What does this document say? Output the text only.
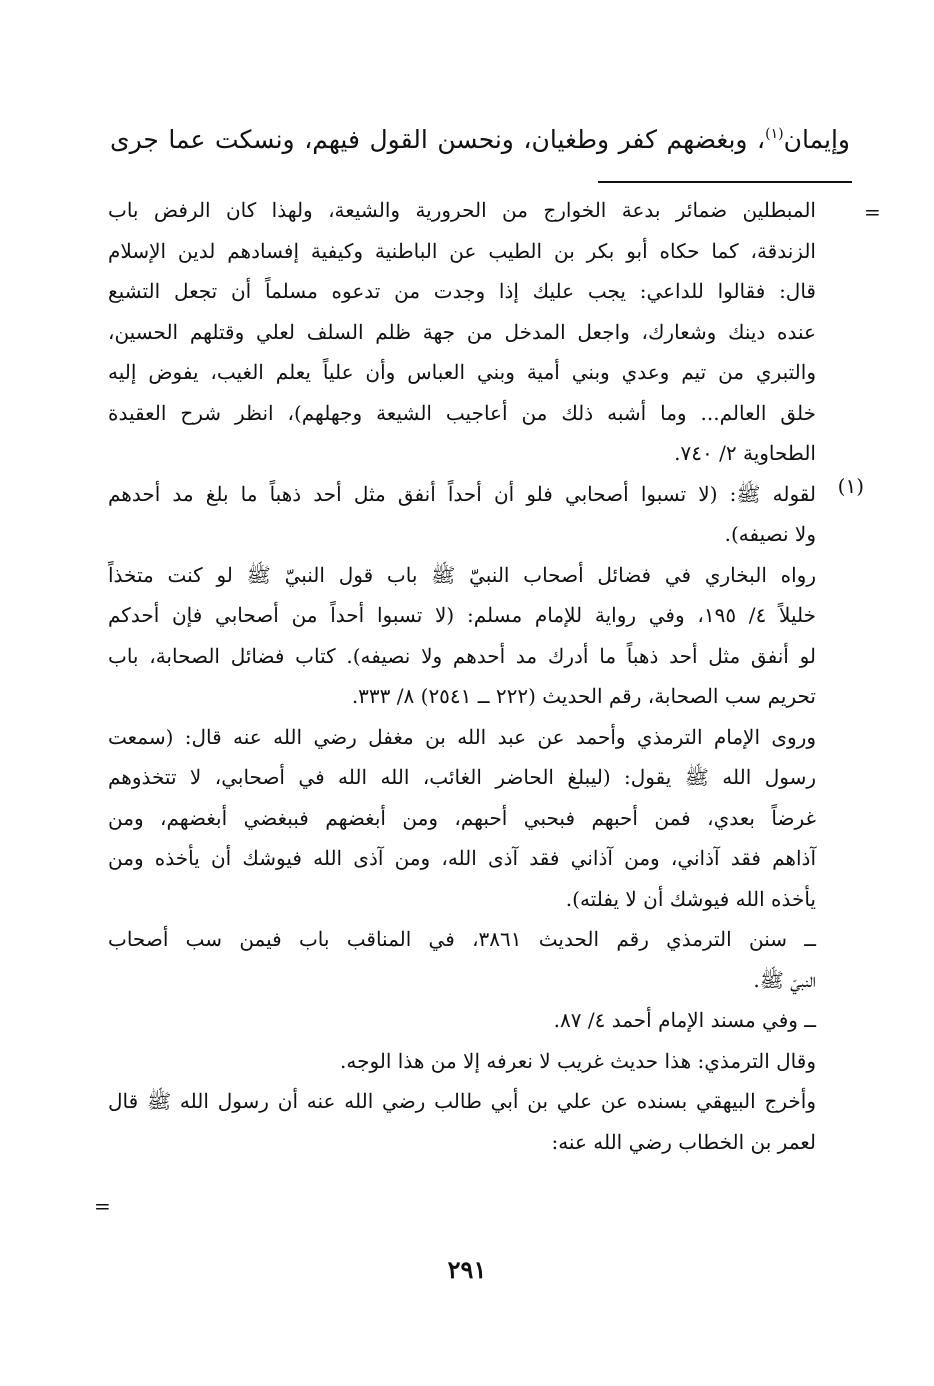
وإيمان$^{(١)}$، وبغضهم كفر وطغيان، ونحسن القول فيهم، ونسكت عما جرى
=
المبطلين ضمائر بدعة الخوارج من الحرورية والشيعة، ولهذا كان الرفض باب
الزندقة، كما حكاه أبو بكر بن الطيب عن الباطنية وكيفية إفسادهم لدين الإسلام
قال: فقالوا للداعي: يجب عليك إذا وجدت من تدعوه مسلماً أن تجعل التشيع
عنده دينك وشعارك، واجعل المدخل من جهة ظلم السلف لعلي وقتلهم الحسين،
والتبري من تيم وعدي وبني أمية وبني العباس وأن علياً يعلم الغيب، يفوض إليه
خلق العالم... وما أشبه ذلك من أعاجيب الشيعة وجهلهم)، انظر شرح العقيدة
الطحاوية ٢/ ٧٤٠.
لقوله ﷺ: (لا تسبوا أصحابي فلو أن أحداً أنفق مثل أحد ذهباً ما بلغ مد أحدهم (١)
ولا نصيفه).
رواه البخاري في فضائل أصحاب النبيّ ﷺ باب قول النبيّ ﷺ لو كنت متخذاً
خليلاً ٤/ ١٩٥، وفي رواية للإمام مسلم: (لا تسبوا أحداً من أصحابي فإن أحدكم
لو أنفق مثل أحد ذهباً ما أدرك مد أحدهم ولا نصيفه). كتاب فضائل الصحابة، باب
تحريم سب الصحابة، رقم الحديث (٢٢٢ ــ ٢٥٤١) ٨/ ٣٣٣.
وروى الإمام الترمذي وأحمد عن عبد الله بن مغفل رضي الله عنه قال: (سمعت
رسول الله ﷺ يقول: (ليبلغ الحاضر الغائب، الله الله في أصحابي، لا تتخذوهم
غرضاً بعدي، فمن أحبهم فبحبي أحبهم، ومن أبغضهم فببغضي أبغضهم، ومن
آذاهم فقد آذاني، ومن آذاني فقد آذى الله، ومن آذى الله فيوشك أن يأخذه ومن
يأخذه الله فيوشك أن لا يفلته).
ــ سنن الترمذي رقم الحديث ٣٨٦١، في المناقب باب فيمن سب أصحاب
النبيّ ﷺ.
ــ وفي مسند الإمام أحمد ٤/ ٨٧.
وقال الترمذي: هذا حديث غريب لا نعرفه إلا من هذا الوجه.
وأخرج البيهقي بسنده عن علي بن أبي طالب رضي الله عنه أن رسول الله ﷺ قال
لعمر بن الخطاب رضي الله عنه:
=
٢٩١
